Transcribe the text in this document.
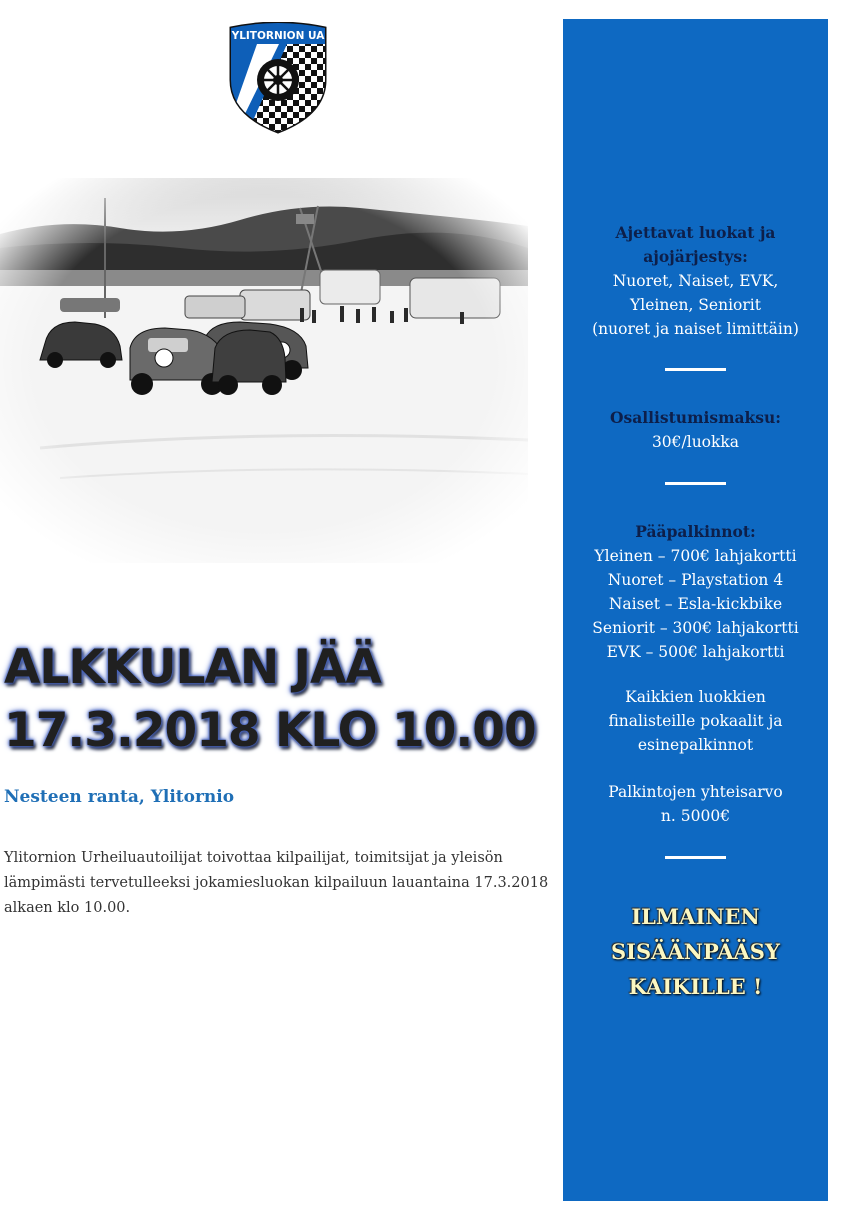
YLITORNION UA
ALKKULAN JÄÄ
17.3.2018 KLO 10.00
Nesteen ranta, Ylitornio
Ylitornion Urheiluautoilijat toivottaa kilpailijat, toimitsijat ja yleisön lämpimästi tervetulleeksi jokamiesluokan kilpailuun lauantaina 17.3.2018 alkaen klo 10.00.
Ajettavat luokat ja
ajojärjestys:
Nuoret, Naiset, EVK,
Yleinen, Seniorit
(nuoret ja naiset limittäin)
Osallistumismaksu:
30€/luokka
Pääpalkinnot:
Yleinen – 700€ lahjakortti
Nuoret – Playstation 4
Naiset – Esla-kickbike
Seniorit – 300€ lahjakortti
EVK – 500€ lahjakortti
Kaikkien luokkien
finalisteille pokaalit ja
esinepalkinnot
Palkintojen yhteisarvo
n. 5000€
ILMAINEN
SISÄÄNPÄÄSY
KAIKILLE !
